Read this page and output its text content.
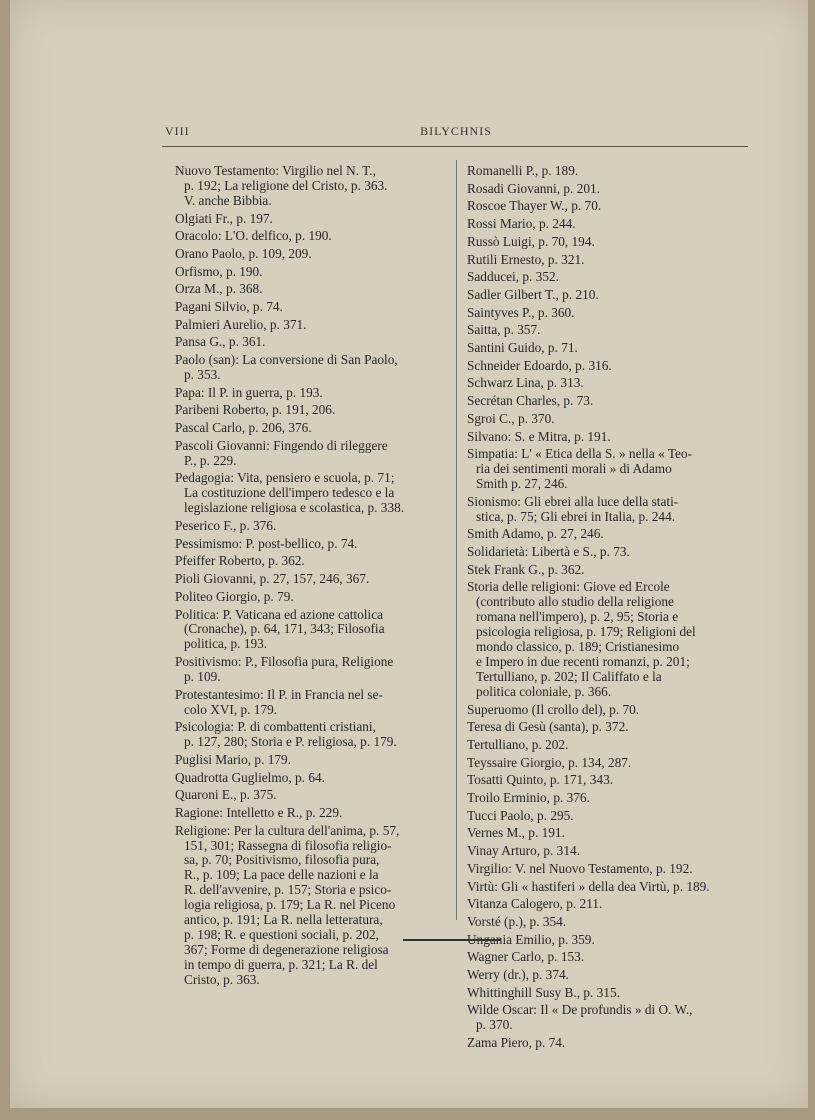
VIII	BILYCHNIS
Nuovo Testamento: Virgilio nel N. T.,
p. 192; La religione del Cristo, p. 363.
V. anche Bibbia.
Olgiati Fr., p. 197.
Oracolo: L'O. delfico, p. 190.
Orano Paolo, p. 109, 209.
Orfismo, p. 190.
Orza M., p. 368.
Pagani Silvio, p. 74.
Palmieri Aurelio, p. 371.
Pansa G., p. 361.
Paolo (san): La conversione di San Paolo,
p. 353.
Papa: Il P. in guerra, p. 193.
Paribeni Roberto, p. 191, 206.
Pascal Carlo, p. 206, 376.
Pascoli Giovanni: Fingendo di rileggere
P., p. 229.
Pedagogia: Vita, pensiero e scuola, p. 71;
La costituzione dell'impero tedesco e la
legislazione religiosa e scolastica, p. 338.
Peserico F., p. 376.
Pessimismo: P. post-bellico, p. 74.
Pfeiffer Roberto, p. 362.
Pioli Giovanni, p. 27, 157, 246, 367.
Politeo Giorgio, p. 79.
Politica: P. Vaticana ed azione cattolica
(Cronache), p. 64, 171, 343; Filosofia
politica, p. 193.
Positivismo: P., Filosofia pura, Religione
p. 109.
Protestantesimo: Il P. in Francia nel se-
colo XVI, p. 179.
Psicologia: P. di combattenti cristiani,
p. 127, 280; Storia e P. religiosa, p. 179.
Puglisi Mario, p. 179.
Quadrotta Guglielmo, p. 64.
Quaroni E., p. 375.
Ragione: Intelletto e R., p. 229.
Religione: Per la cultura dell'anima, p. 57,
151, 301; Rassegna di filosofia religio-
sa, p. 70; Positivismo, filosofia pura,
R., p. 109; La pace delle nazioni e la
R. dell'avvenire, p. 157; Storia e psico-
logia religiosa, p. 179; La R. nel Piceno
antico, p. 191; La R. nella letteratura,
p. 198; R. e questioni sociali, p. 202,
367; Forme di degenerazione religiosa
in tempo di guerra, p. 321; La R. del
Cristo, p. 363.
Romanelli P., p. 189.
Rosadi Giovanni, p. 201.
Roscoe Thayer W., p. 70.
Rossi Mario, p. 244.
Russò Luigi, p. 70, 194.
Rutili Ernesto, p. 321.
Sadducei, p. 352.
Sadler Gilbert T., p. 210.
Saintyves P., p. 360.
Saitta, p. 357.
Santini Guido, p. 71.
Schneider Edoardo, p. 316.
Schwarz Lina, p. 313.
Secrétan Charles, p. 73.
Sgroi C., p. 370.
Silvano: S. e Mitra, p. 191.
Simpatia: L' « Etica della S. » nella « Teo-
ria dei sentimenti morali » di Adamo
Smith p. 27, 246.
Sionismo: Gli ebrei alla luce della stati-
stica, p. 75; Gli ebrei in Italia, p. 244.
Smith Adamo, p. 27, 246.
Solidarietà: Libertà e S., p. 73.
Stek Frank G., p. 362.
Storia delle religioni: Giove ed Ercole
(contributo allo studio della religione
romana nell'impero), p. 2, 95; Storia e
psicologia religiosa, p. 179; Religioni del
mondo classico, p. 189; Cristianesimo
e Impero in due recenti romanzi, p. 201;
Tertulliano, p. 202; Il Califfato e la
politica coloniale, p. 366.
Superuomo (Il crollo del), p. 70.
Teresa di Gesù (santa), p. 372.
Tertulliano, p. 202.
Teyssaire Giorgio, p. 134, 287.
Tosatti Quinto, p. 171, 343.
Troilo Erminio, p. 376.
Tucci Paolo, p. 295.
Vernes M., p. 191.
Vinay Arturo, p. 314.
Virgilio: V. nel Nuovo Testamento, p. 192.
Virtù: Gli « hastiferi » della dea Virtù, p. 189.
Vitanza Calogero, p. 211.
Vorsté (p.), p. 354.
Ungania Emilio, p. 359.
Wagner Carlo, p. 153.
Werry (dr.), p. 374.
Whittinghill Susy B., p. 315.
Wilde Oscar: Il « De profundis » di O. W.,
p. 370.
Zama Piero, p. 74.
